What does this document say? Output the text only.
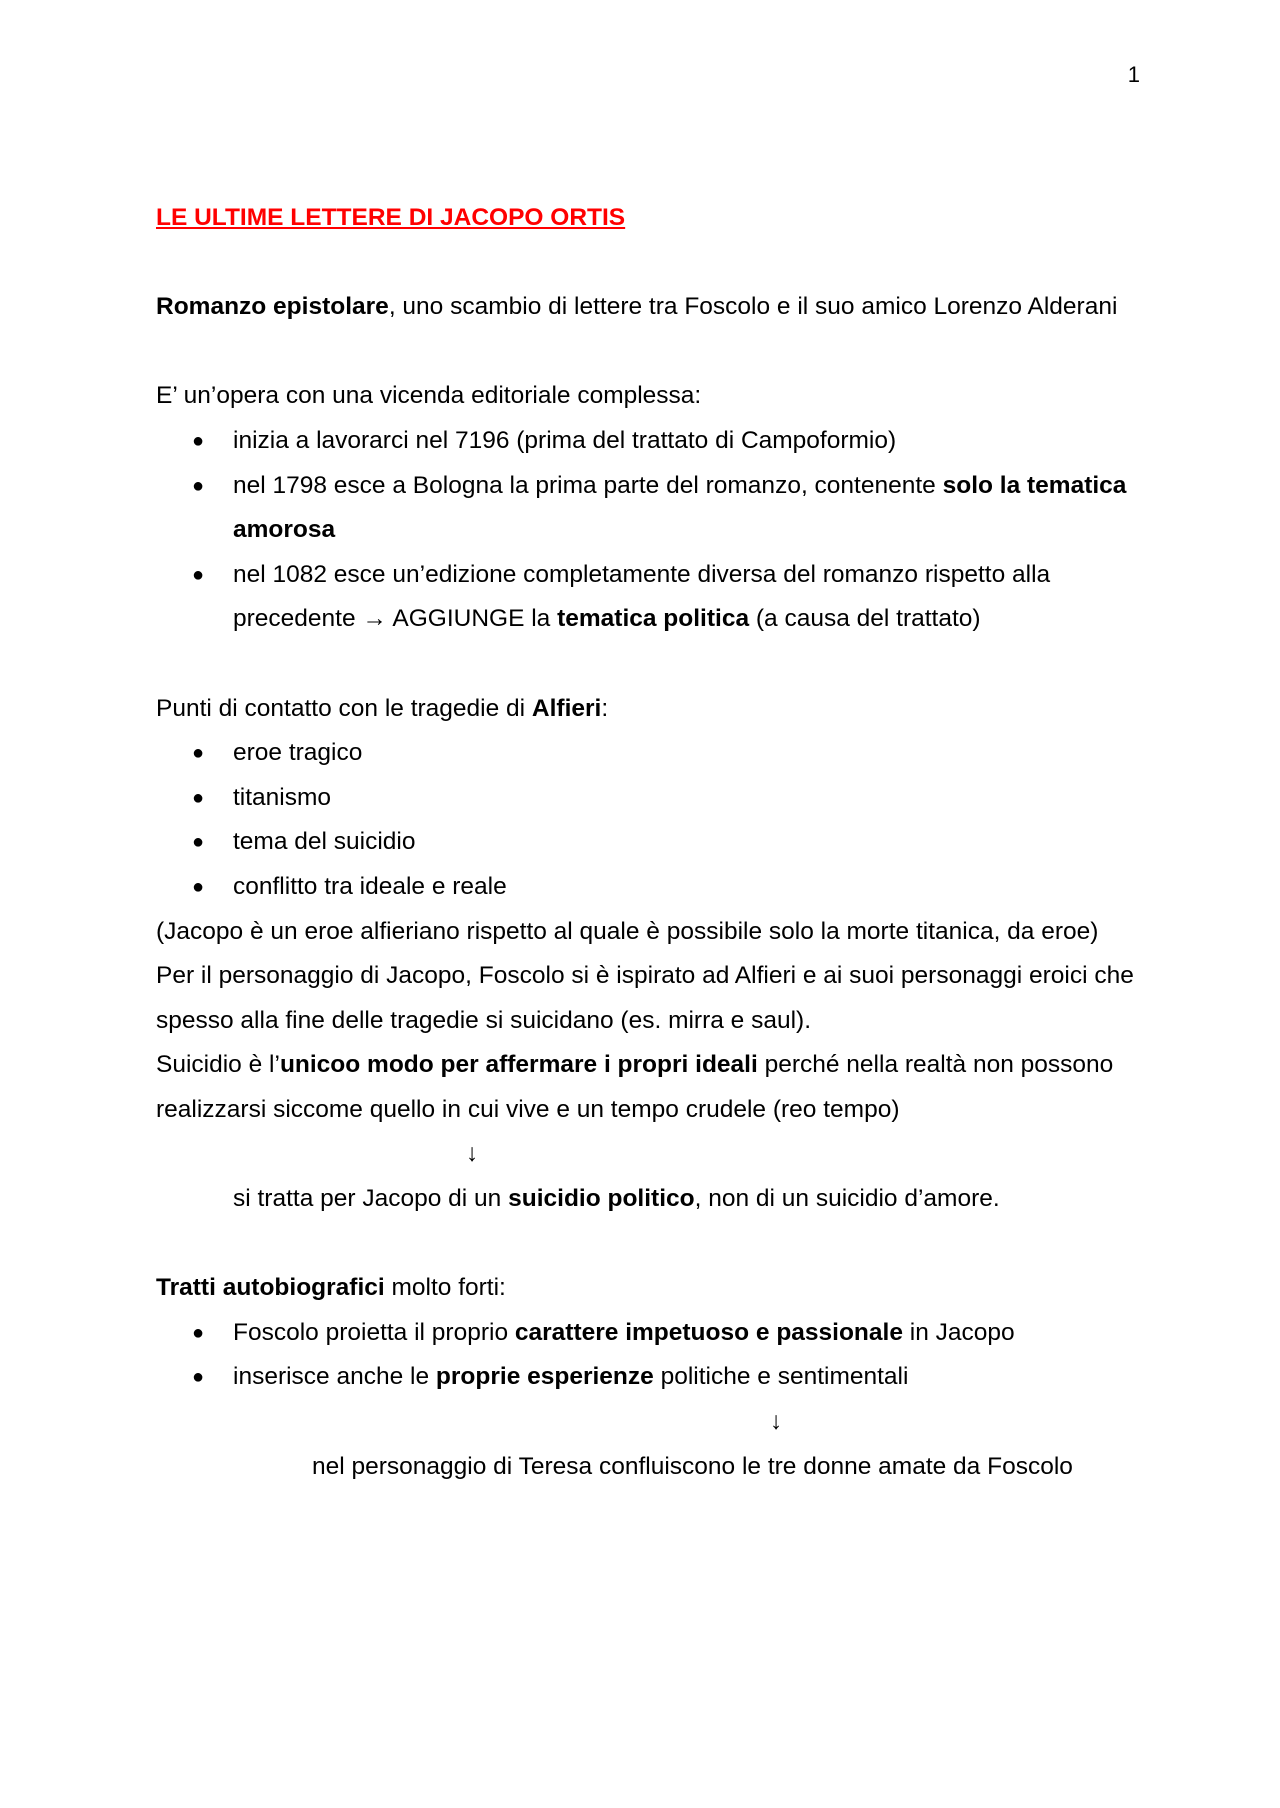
1

LE ULTIME LETTERE DI JACOPO ORTIS

Romanzo epistolare, uno scambio di lettere tra Foscolo e il suo amico Lorenzo Alderani

E’ un’opera con una vicenda editoriale complessa:

● inizia a lavorarci nel 7196 (prima del trattato di Campoformio)
● nel 1798 esce a Bologna la prima parte del romanzo, contenente solo la tematica amorosa
● nel 1082 esce un’edizione completamente diversa del romanzo rispetto alla precedente → AGGIUNGE la tematica politica (a causa del trattato)

Punti di contatto con le tragedie di Alfieri:

● eroe tragico
● titanismo
● tema del suicidio
● conflitto tra ideale e reale

(Jacopo è un eroe alfieriano rispetto al quale è possibile solo la morte titanica, da eroe)

Per il personaggio di Jacopo, Foscolo si è ispirato ad Alfieri e ai suoi personaggi eroici che spesso alla fine delle tragedie si suicidano (es. mirra e saul).

Suicidio è l’unicoo modo per affermare i propri ideali perché nella realtà non possono realizzarsi siccome quello in cui vive e un tempo crudele (reo tempo)

↓

si tratta per Jacopo di un suicidio politico, non di un suicidio d’amore.

Tratti autobiografici molto forti:

● Foscolo proietta il proprio carattere impetuoso e passionale in Jacopo
● inserisce anche le proprie esperienze politiche e sentimentali

↓

nel personaggio di Teresa confluiscono le tre donne amate da Foscolo
